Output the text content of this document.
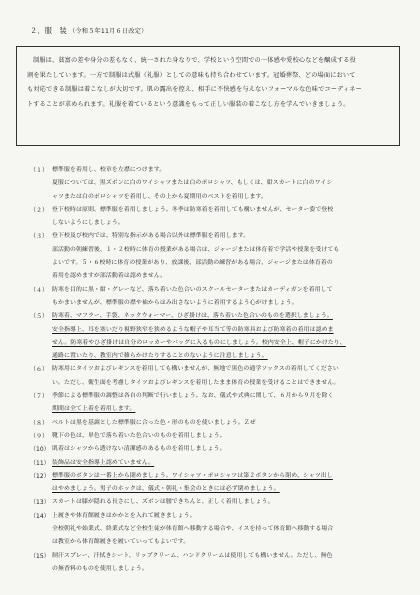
２．服　装 （令和５年11月６日改定）

制服は、貧富の差や身分の差もなく、統一された身なりで、学校という空間での一体感や愛校心などを醸成する役

割を果たしています。一方で制服は式服（礼服）としての意味も持ち合わせています。冠婚葬祭、どの場面において

も対応できる制服は着こなしが大切です。肌の露出を控え、相手に不快感を与えないフォーマルな色味でコーディネー

トすることが求められます。礼服を着ているという意識をもって正しい服装の着こなし方を学んでいきましょう。

（１） 標準服を着用し、校章を左襟につけます。
夏服については、黒ズボンに白のワイシャツまたは白のポロシャツ、もしくは、紺スカートに白のワイシ
ャツまたは白のポロシャツを着用し、その上から夏期用のベストを着用します。
（２） 登下校時は原則、標準服を着用しましょう。冬季は防寒着を着用しても構いませんが、セーター姿で登校
しないようにしましょう。
（３） 登下校及び校内では、特別な指示がある場合以外は標準服を着用します。
部活動の朝練習後、１・２校時に体育の授業がある場合は、ジャージまたは体育着で学活や授業を受けても
よいです。５・６校時に体育の授業があり、放課後、部活動の練習がある場合、ジャージまたは体育着の
着用を認めますが部活動着は認めません。
（４） 防寒を目的に黒・紺・グレーなど、落ち着いた色合いのスクールセーターまたはカーディガンを着用して
もかまいませんが、標準服の襟や袖からはみ出さないように着用するよう心がけましょう。
（５） 防寒着、マフラー、手袋、ネックウォーマー、ひざ掛けは、落ち着いた色合いのものを選択しましょう。
安全指導上、耳を塞いだり視野狭窄を狭めるような帽子や耳当て等の防寒具および防寒着の着用は認めま
せん。防寒着やひざ掛けは自分のロッカーやバッグに入るものにしましょう。校内安全上、帽子にかけたり、
通路に置いたり、教室内で雑らかけたりすることのないように注意しましょう。
（６） 防寒用にタイツおよびレギンスを着用しても構いませんが、無地で黒色の通学ソックスの着用してください
い。ただし、衛生面を考慮しタイツおよびレギンスを着用したまま体育の授業を受けることはできません。
（７） 季節による標準服の調整は各自の判断で行いましょう。なお、儀式や式典に関して、６月から９月を除く
期間は全て上着を着用します。
（８） ベルトは黒を基調とした標準服に合った色・形のものを使いましょう。Ｚぜ
（９） 靴下の色は、単色で落ち着いた色合いのものを着用しましょう。
（10） 肌着はシャツから透けない清潔感のあるものを着用しましょう。
（11） 装飾品は安全指導上認めていません。
（12） 標準服のボタンは一番上から閉めましょう。ワイシャツ・ポロシャツは第２ボタンから閉め、シャツ出し
はやめましょう。男子のホックは、儀式・朝礼・集会のときには必ず閉めましょう。
（13） スカートは膝が隠れる長さにし、ズボンは腰できちんと、正しく着用しましょう。
（14） 上履きや体育館履きはかかとを入れて履きましょう。
全校朝礼や始業式、終業式など全校生徒が体育館へ移動する場合や、イスを持って体育館へ移動する場合
は教室から体育館履きを履いていってもよいです。
（15） 制汗スプレー、汗拭きシート、リップクリーム、ハンドクリームは使用しても構いません。ただし、無色
の無香料のものを使用しましょう。
